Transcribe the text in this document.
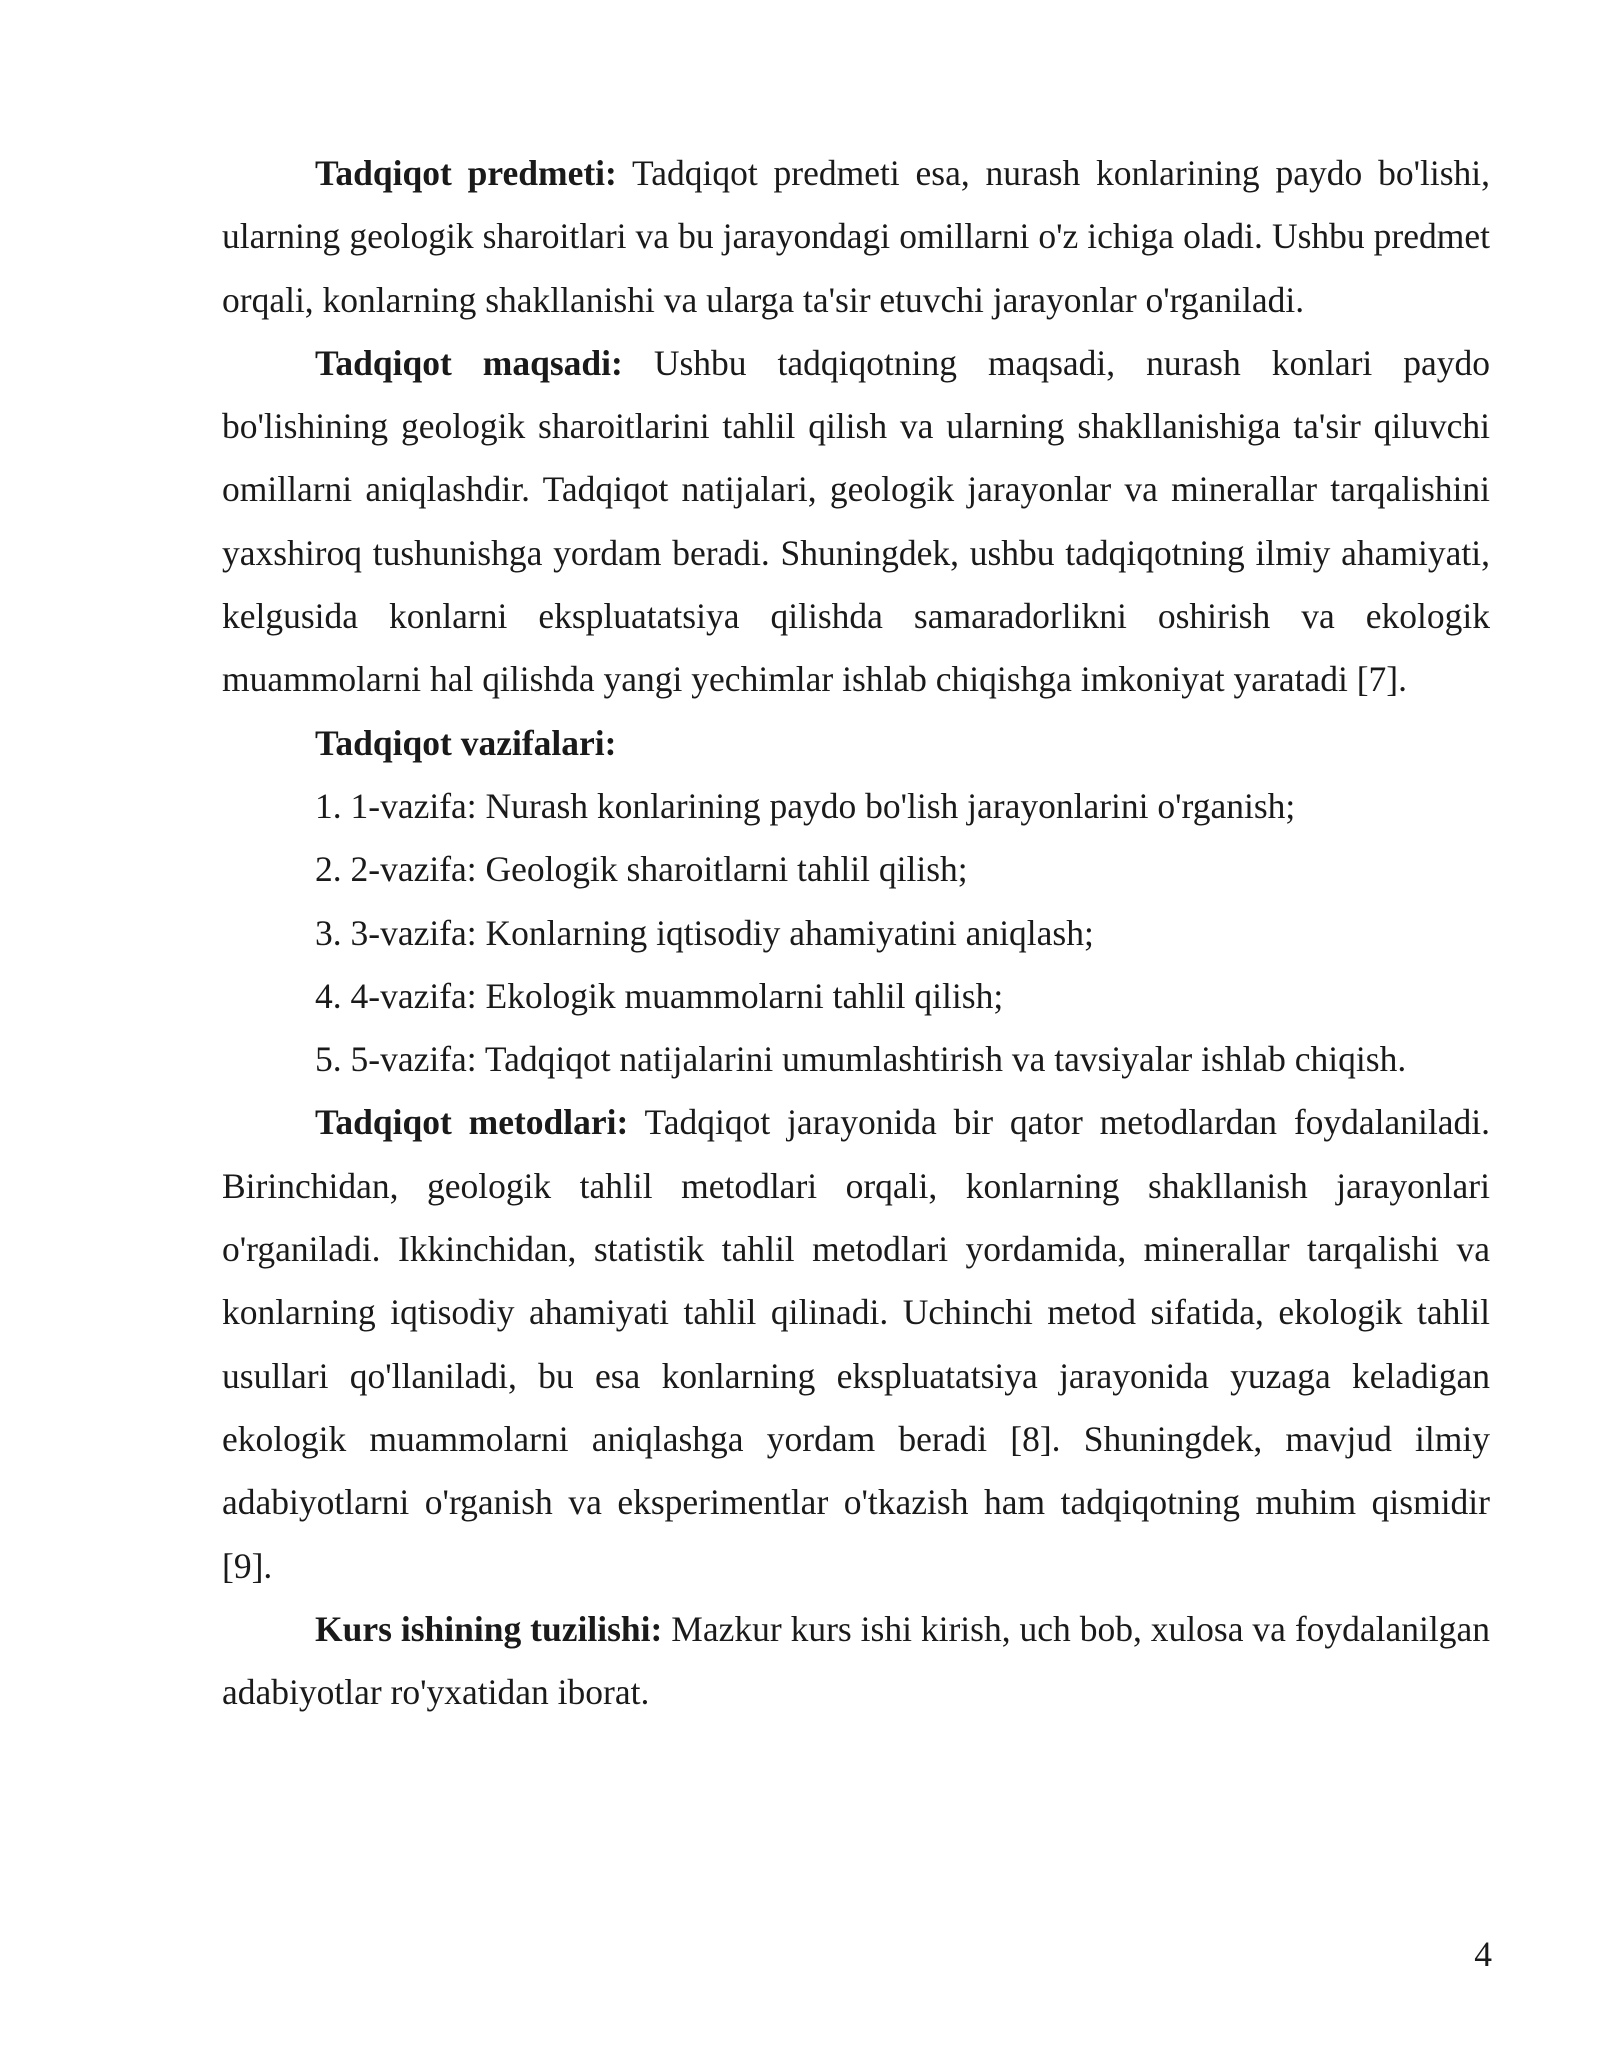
Tadqiqot predmeti: Tadqiqot predmeti esa, nurash konlarining paydo bo'lishi, ularning geologik sharoitlari va bu jarayondagi omillarni o'z ichiga oladi. Ushbu predmet orqali, konlarning shakllanishi va ularga ta'sir etuvchi jarayonlar o'rganiladi.

Tadqiqot maqsadi: Ushbu tadqiqotning maqsadi, nurash konlari paydo bo'lishining geologik sharoitlarini tahlil qilish va ularning shakllanishiga ta'sir qiluvchi omillarni aniqlashdir. Tadqiqot natijalari, geologik jarayonlar va minerallar tarqalishini yaxshiroq tushunishga yordam beradi. Shuningdek, ushbu tadqiqotning ilmiy ahamiyati, kelgusida konlarni ekspluatatsiya qilishda samaradorlikni oshirish va ekologik muammolarni hal qilishda yangi yechimlar ishlab chiqishga imkoniyat yaratadi [7].

Tadqiqot vazifalari:

1. 1-vazifa: Nurash konlarining paydo bo'lish jarayonlarini o'rganish;
2. 2-vazifa: Geologik sharoitlarni tahlil qilish;
3. 3-vazifa: Konlarning iqtisodiy ahamiyatini aniqlash;
4. 4-vazifa: Ekologik muammolarni tahlil qilish;
5. 5-vazifa: Tadqiqot natijalarini umumlashtirish va tavsiyalar ishlab chiqish.

Tadqiqot metodlari: Tadqiqot jarayonida bir qator metodlardan foydalaniladi. Birinchidan, geologik tahlil metodlari orqali, konlarning shakllanish jarayonlari o'rganiladi. Ikkinchidan, statistik tahlil metodlari yordamida, minerallar tarqalishi va konlarning iqtisodiy ahamiyati tahlil qilinadi. Uchinchi metod sifatida, ekologik tahlil usullari qo'llaniladi, bu esa konlarning ekspluatatsiya jarayonida yuzaga keladigan ekologik muammolarni aniqlashga yordam beradi [8]. Shuningdek, mavjud ilmiy adabiyotlarni o'rganish va eksperimentlar o'tkazish ham tadqiqotning muhim qismidir [9].

Kurs ishining tuzilishi: Mazkur kurs ishi kirish, uch bob, xulosa va foydalanilgan adabiyotlar ro'yxatidan iborat.

4
